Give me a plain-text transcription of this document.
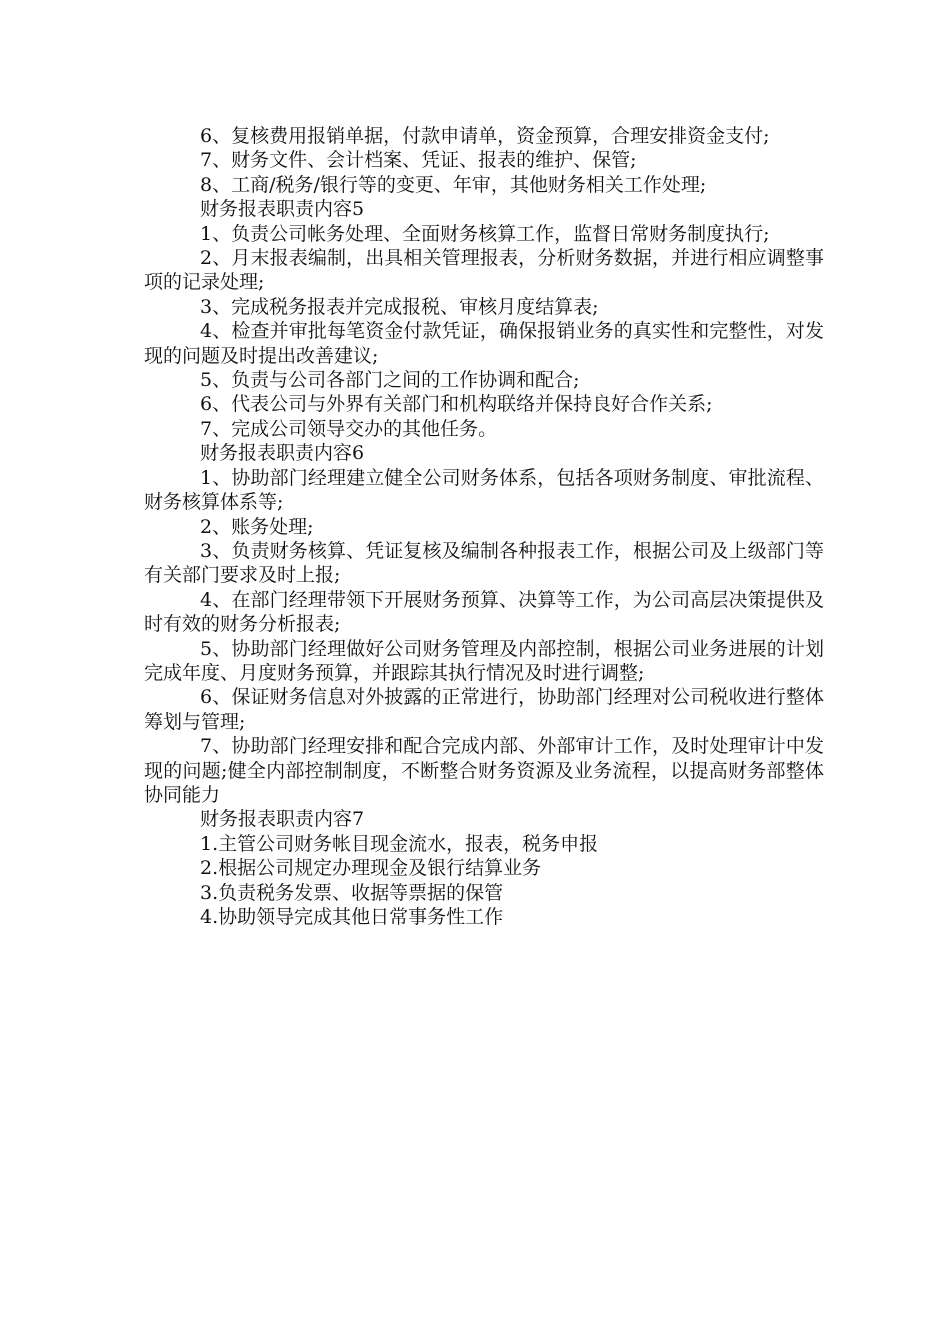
6、复核费用报销单据，付款申请单，资金预算，合理安排资金支付;

7、财务文件、会计档案、凭证、报表的维护、保管;

8、工商/税务/银行等的变更、年审，其他财务相关工作处理;

财务报表职责内容5

1、负责公司帐务处理、全面财务核算工作，监督日常财务制度执行;

2、月末报表编制，出具相关管理报表，分析财务数据，并进行相应调整事项的记录处理;

3、完成税务报表并完成报税、审核月度结算表;

4、检查并审批每笔资金付款凭证，确保报销业务的真实性和完整性，对发现的问题及时提出改善建议;

5、负责与公司各部门之间的工作协调和配合;

6、代表公司与外界有关部门和机构联络并保持良好合作关系;

7、完成公司领导交办的其他任务。

财务报表职责内容6

1、协助部门经理建立健全公司财务体系，包括各项财务制度、审批流程、财务核算体系等;

2、账务处理;

3、负责财务核算、凭证复核及编制各种报表工作，根据公司及上级部门等有关部门要求及时上报;

4、在部门经理带领下开展财务预算、决算等工作，为公司高层决策提供及时有效的财务分析报表;

5、协助部门经理做好公司财务管理及内部控制，根据公司业务进展的计划完成年度、月度财务预算，并跟踪其执行情况及时进行调整;

6、保证财务信息对外披露的正常进行，协助部门经理对公司税收进行整体筹划与管理;

7、协助部门经理安排和配合完成内部、外部审计工作，及时处理审计中发现的问题;健全内部控制制度，不断整合财务资源及业务流程，以提高财务部整体协同能力

财务报表职责内容7

1.主管公司财务帐目现金流水，报表，税务申报

2.根据公司规定办理现金及银行结算业务

3.负责税务发票、收据等票据的保管

4.协助领导完成其他日常事务性工作
